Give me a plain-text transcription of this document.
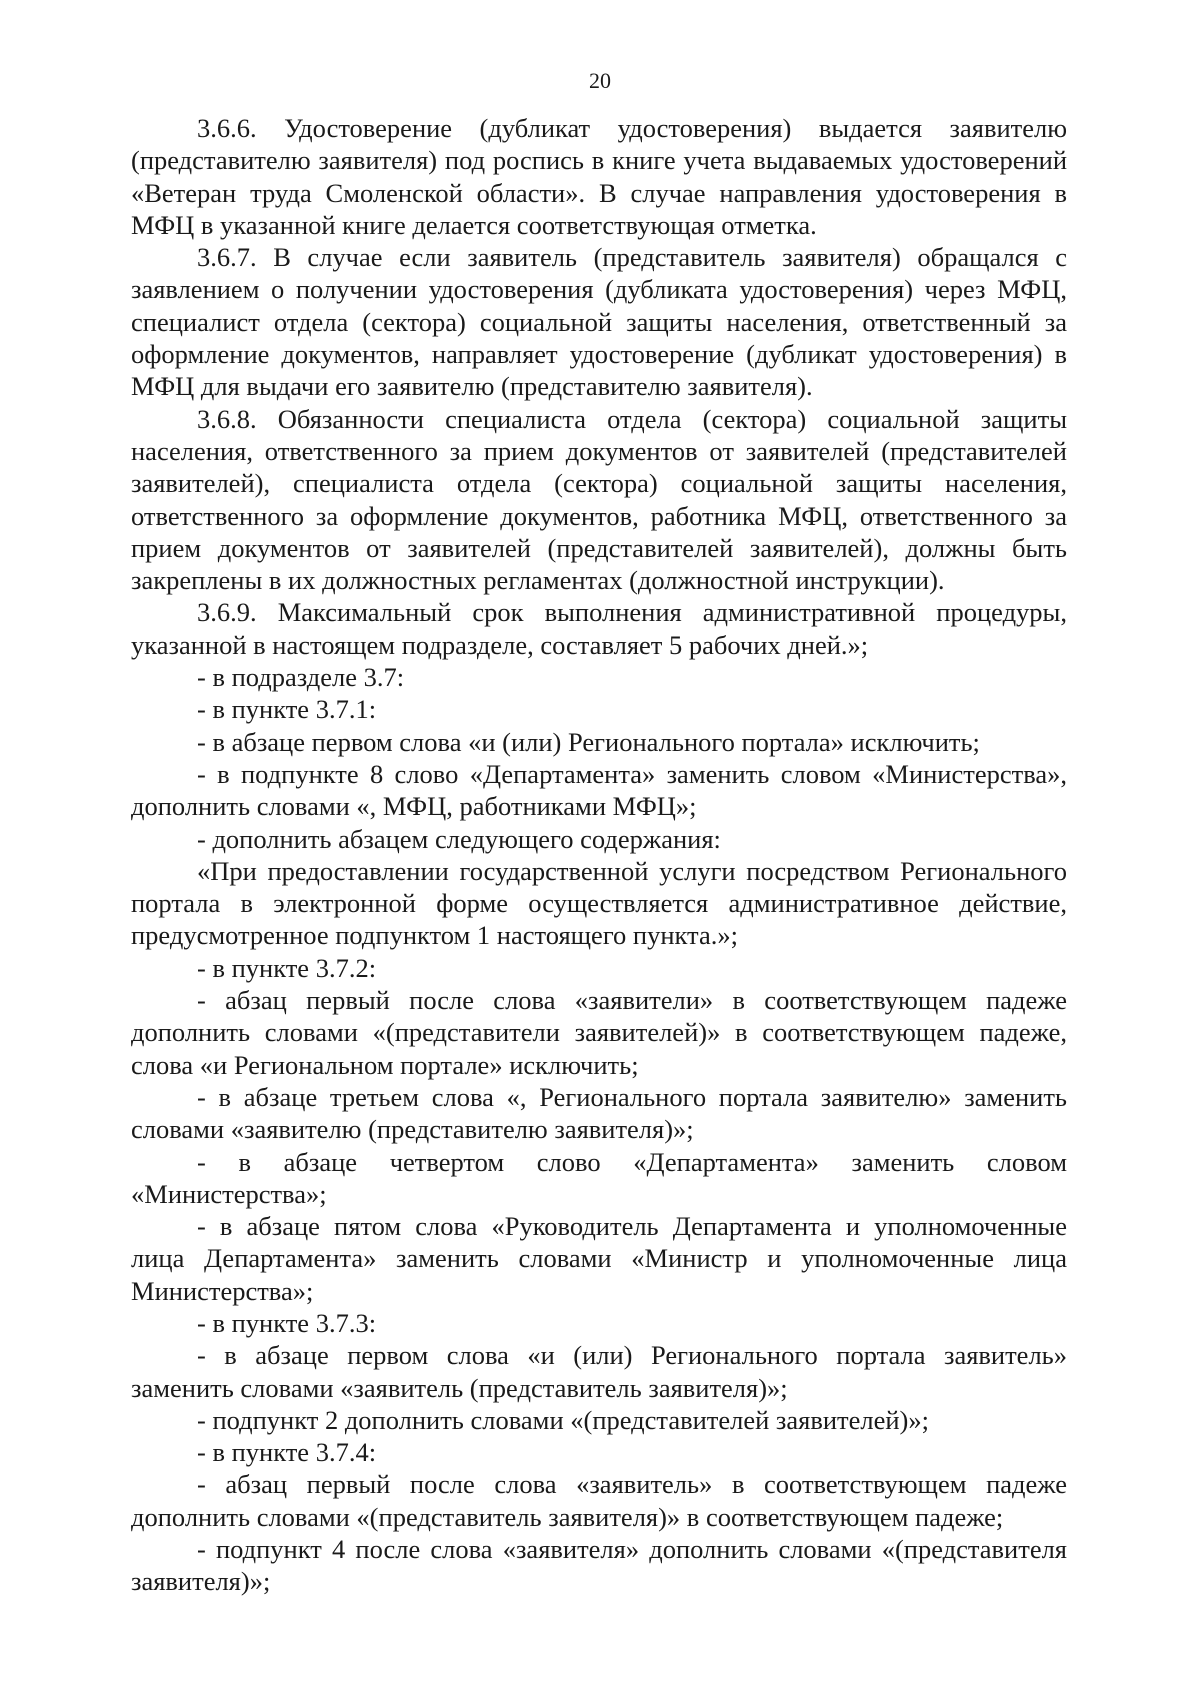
20

3.6.6. Удостоверение (дубликат удостоверения) выдается заявителю (представителю заявителя) под роспись в книге учета выдаваемых удостоверений «Ветеран труда Смоленской области». В случае направления удостоверения в МФЦ в указанной книге делается соответствующая отметка.

3.6.7. В случае если заявитель (представитель заявителя) обращался с заявлением о получении удостоверения (дубликата удостоверения) через МФЦ, специалист отдела (сектора) социальной защиты населения, ответственный за оформление документов, направляет удостоверение (дубликат удостоверения) в МФЦ для выдачи его заявителю (представителю заявителя).

3.6.8. Обязанности специалиста отдела (сектора) социальной защиты населения, ответственного за прием документов от заявителей (представителей заявителей), специалиста отдела (сектора) социальной защиты населения, ответственного за оформление документов, работника МФЦ, ответственного за прием документов от заявителей (представителей заявителей), должны быть закреплены в их должностных регламентах (должностной инструкции).

3.6.9. Максимальный срок выполнения административной процедуры, указанной в настоящем подразделе, составляет 5 рабочих дней.»;

- в подразделе 3.7:

- в пункте 3.7.1:

- в абзаце первом слова «и (или) Регионального портала» исключить;

- в подпункте 8 слово «Департамента» заменить словом «Министерства», дополнить словами «, МФЦ, работниками МФЦ»;

- дополнить абзацем следующего содержания:

«При предоставлении государственной услуги посредством Регионального портала в электронной форме осуществляется административное действие, предусмотренное подпунктом 1 настоящего пункта.»;

- в пункте 3.7.2:

- абзац первый после слова «заявители» в соответствующем падеже дополнить словами «(представители заявителей)» в соответствующем падеже, слова «и Региональном портале» исключить;

- в абзаце третьем слова «, Регионального портала заявителю» заменить словами «заявителю (представителю заявителя)»;

- в абзаце четвертом слово «Департамента» заменить словом «Министерства»;

- в абзаце пятом слова «Руководитель Департамента и уполномоченные лица Департамента» заменить словами «Министр и уполномоченные лица Министерства»;

- в пункте 3.7.3:

- в абзаце первом слова «и (или) Регионального портала заявитель» заменить словами «заявитель (представитель заявителя)»;

- подпункт 2 дополнить словами «(представителей заявителей)»;

- в пункте 3.7.4:

- абзац первый после слова «заявитель» в соответствующем падеже дополнить словами «(представитель заявителя)» в соответствующем падеже;

- подпункт 4 после слова «заявителя» дополнить словами «(представителя заявителя)»;
